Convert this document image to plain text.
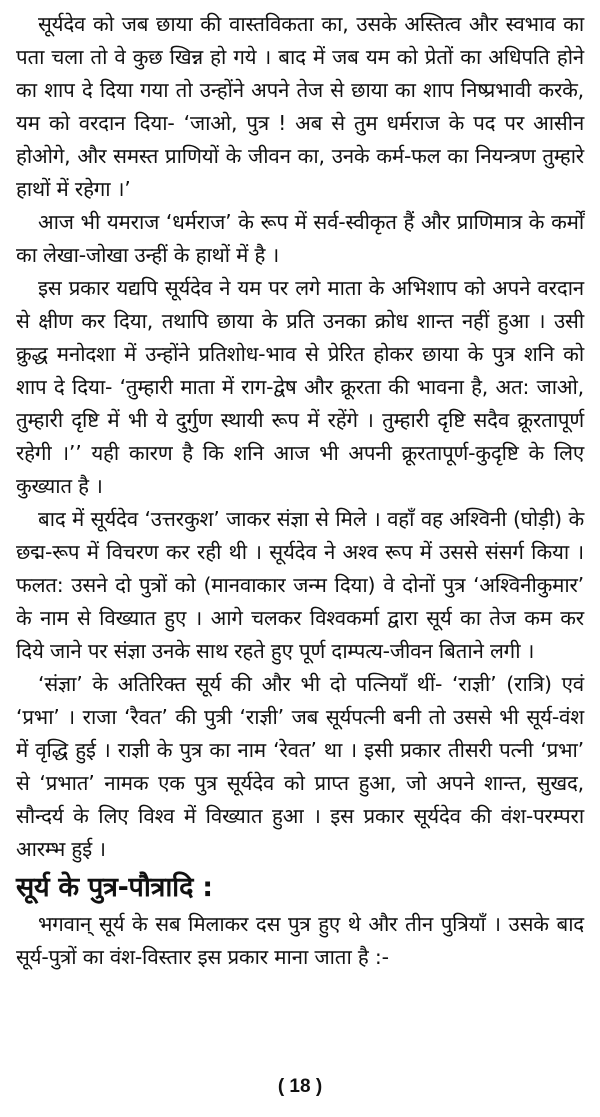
सूर्यदेव को जब छाया की वास्तविकता का, उसके अस्तित्व और स्वभाव का पता चला तो वे कुछ खिन्न हो गये । बाद में जब यम को प्रेतों का अधिपति होने का शाप दे दिया गया तो उन्होंने अपने तेज से छाया का शाप निष्प्रभावी करके, यम को वरदान दिया- ‘जाओ, पुत्र ! अब से तुम धर्मराज के पद पर आसीन होओगे, और समस्त प्राणियों के जीवन का, उनके कर्म-फल का नियन्त्रण तुम्हारे हाथों में रहेगा ।’

आज भी यमराज ‘धर्मराज’ के रूप में सर्व-स्वीकृत हैं और प्राणिमात्र के कर्मों का लेखा-जोखा उन्हीं के हाथों में है ।

इस प्रकार यद्यपि सूर्यदेव ने यम पर लगे माता के अभिशाप को अपने वरदान से क्षीण कर दिया, तथापि छाया के प्रति उनका क्रोध शान्त नहीं हुआ । उसी क्रुद्ध मनोदशा में उन्होंने प्रतिशोध-भाव से प्रेरित होकर छाया के पुत्र शनि को शाप दे दिया- ‘तुम्हारी माता में राग-द्वेष और क्रूरता की भावना है, अत: जाओ, तुम्हारी दृष्टि में भी ये दुर्गुण स्थायी रूप में रहेंगे । तुम्हारी दृष्टि सदैव क्रूरतापूर्ण रहेगी ।’’ यही कारण है कि शनि आज भी अपनी क्रूरतापूर्ण-कुदृष्टि के लिए कुख्यात है ।

बाद में सूर्यदेव ‘उत्तरकुश’ जाकर संज्ञा से मिले । वहाँ वह अश्विनी (घोड़ी) के छद्म-रूप में विचरण कर रही थी । सूर्यदेव ने अश्व रूप में उससे संसर्ग किया । फलत: उसने दो पुत्रों को (मानवाकार जन्म दिया) वे दोनों पुत्र ‘अश्विनीकुमार’ के नाम से विख्यात हुए । आगे चलकर विश्वकर्मा द्वारा सूर्य का तेज कम कर दिये जाने पर संज्ञा उनके साथ रहते हुए पूर्ण दाम्पत्य-जीवन बिताने लगी ।

‘संज्ञा’ के अतिरिक्त सूर्य की और भी दो पत्नियाँ थीं- ‘राज्ञी’ (रात्रि) एवं ‘प्रभा’ । राजा ‘रैवत’ की पुत्री ‘राज्ञी’ जब सूर्यपत्नी बनी तो उससे भी सूर्य-वंश में वृद्धि हुई । राज्ञी के पुत्र का नाम ‘रेवत’ था । इसी प्रकार तीसरी पत्नी ‘प्रभा’ से ‘प्रभात’ नामक एक पुत्र सूर्यदेव को प्राप्त हुआ, जो अपने शान्त, सुखद, सौन्दर्य के लिए विश्व में विख्यात हुआ । इस प्रकार सूर्यदेव की वंश-परम्परा आरम्भ हुई ।

सूर्य के पुत्र-पौत्रादि :

भगवान् सूर्य के सब मिलाकर दस पुत्र हुए थे और तीन पुत्रियाँ । उसके बाद सूर्य-पुत्रों का वंश-विस्तार इस प्रकार माना जाता है :-

( 18 )
